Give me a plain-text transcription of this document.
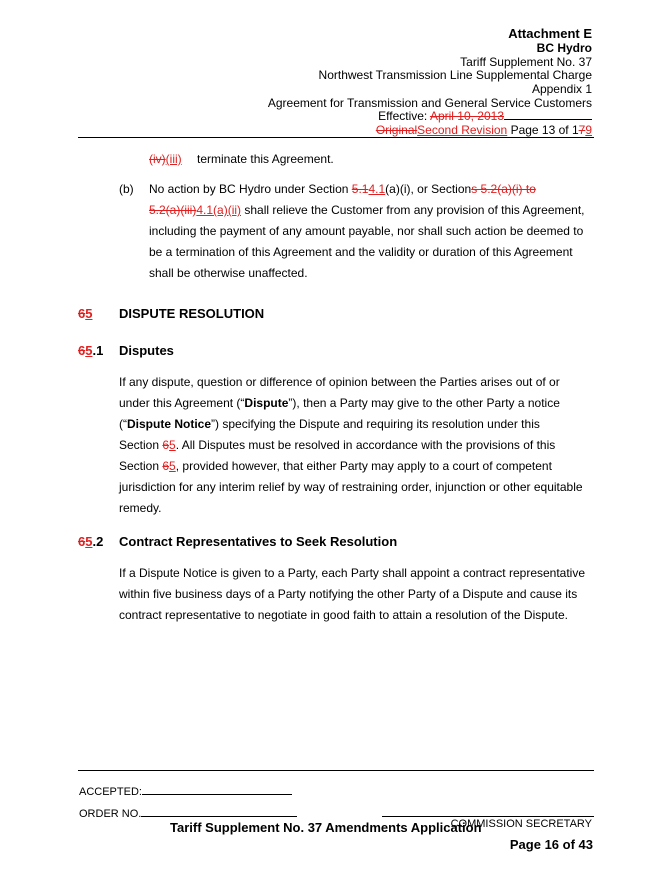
Attachment E
BC Hydro
Tariff Supplement No. 37
Northwest Transmission Line Supplemental Charge
Appendix 1
Agreement for Transmission and General Service Customers
Effective: April 10, 2013
OriginalSecond Revision Page 13 of 179
(iv)(iii) terminate this Agreement.
(b) No action by BC Hydro under Section 5.14.1(a)(i), or Sections 5.2(a)(i) to
5.2(a)(iii)4.1(a)(ii) shall relieve the Customer from any provision of this Agreement,
including the payment of any amount payable, nor shall such action be deemed to
be a termination of this Agreement and the validity or duration of this Agreement
shall be otherwise unaffected.
65 DISPUTE RESOLUTION
65.1 Disputes
If any dispute, question or difference of opinion between the Parties arises out of or
under this Agreement (“Dispute”), then a Party may give to the other Party a notice
(“Dispute Notice”) specifying the Dispute and requiring its resolution under this
Section 65. All Disputes must be resolved in accordance with the provisions of this
Section 65, provided however, that either Party may apply to a court of competent
jurisdiction for any interim relief by way of restraining order, injunction or other equitable
remedy.
65.2 Contract Representatives to Seek Resolution
If a Dispute Notice is given to a Party, each Party shall appoint a contract representative
within five business days of a Party notifying the other Party of a Dispute and cause its
contract representative to negotiate in good faith to attain a resolution of the Dispute.
ACCEPTED:
ORDER NO.
COMMISSION SECRETARY
Tariff Supplement No. 37 Amendments Application
Page 16 of 43
